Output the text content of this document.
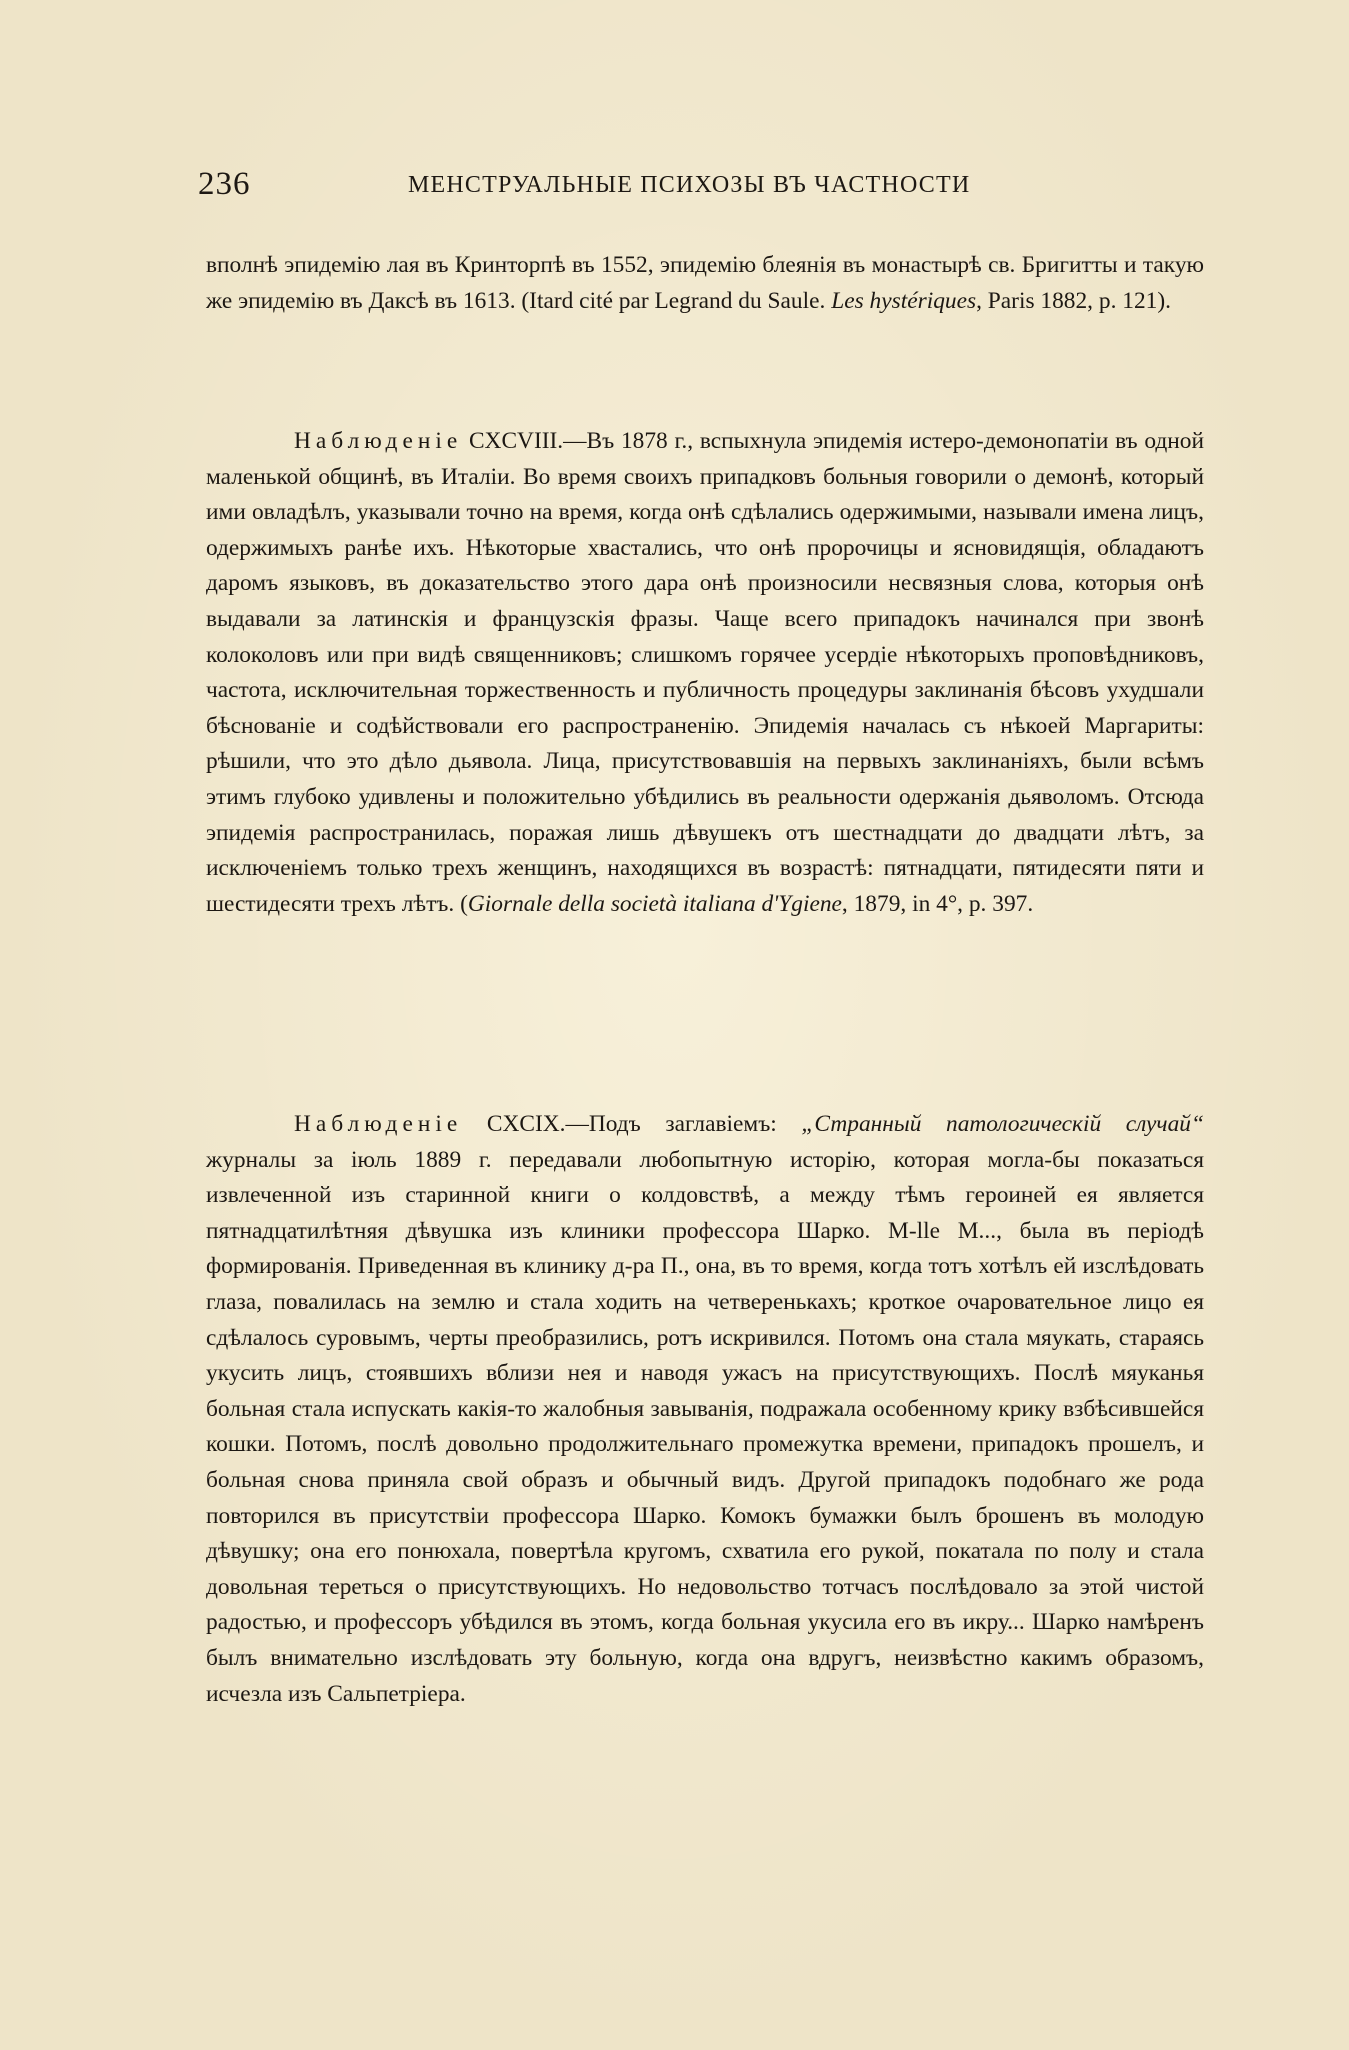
236	МЕНСТРУАЛЬНЫЕ ПСИХОЗЫ ВЪ ЧАСТНОСТИ

вполнѣ эпидемію лая въ Кринторпѣ въ 1552, эпидемію блеянія въ монастырѣ св. Бригитты и такую же эпидемію въ Даксѣ въ 1613. (Itard cité par Legrand du Saule. Les hystériques, Paris 1882, p. 121).

Наблюденіе CXCVIII.—Въ 1878 г., вспыхнула эпидемія истеро-демонопатіи въ одной маленькой общинѣ, въ Италіи. Во время своихъ припадковъ больныя говорили о демонѣ, который ими овладѣлъ, указывали точно на время, когда онѣ сдѣлались одержимыми, называли имена лицъ, одержимыхъ ранѣе ихъ. Нѣкоторые хвастались, что онѣ пророчицы и ясновидящія, обладаютъ даромъ языковъ, въ доказательство этого дара онѣ произносили несвязныя слова, которыя онѣ выдавали за латинскія и французскія фразы. Чаще всего припадокъ начинался при звонѣ колоколовъ или при видѣ священниковъ; слишкомъ горячее усердіе нѣкоторыхъ проповѣдниковъ, частота, исключительная торжественность и публичность процедуры заклинанія бѣсовъ ухудшали бѣснованіе и содѣйствовали его распространенію. Эпидемія началась съ нѣкоей Маргариты: рѣшили, что это дѣло дьявола. Лица, присутствовавшія на первыхъ заклинаніяхъ, были всѣмъ этимъ глубоко удивлены и положительно убѣдились въ реальности одержанія дьяволомъ. Отсюда эпидемія распространилась, поражая лишь дѣвушекъ отъ шестнадцати до двадцати лѣтъ, за исключеніемъ только трехъ женщинъ, находящихся въ возрастѣ: пятнадцати, пятидесяти пяти и шестидесяти трехъ лѣтъ. (Giornale della società italiana d'Ygiene, 1879, in 4°, p. 397.

Наблюденіе CXCIX.—Подъ заглавіемъ: „Странный патологическій случай“ журналы за іюль 1889 г. передавали любопытную исторію, которая могла-бы показаться извлеченной изъ старинной книги о колдовствѣ, а между тѣмъ героиней ея является пятнадцатилѣтняя дѣвушка изъ клиники профессора Шарко. M-lle M..., была въ періодѣ формированія. Приведенная въ клинику д-ра П., она, въ то время, когда тотъ хотѣлъ ей изслѣдовать глаза, повалилась на землю и стала ходить на четверенькахъ; кроткое очаровательное лицо ея сдѣлалось суровымъ, черты преобразились, ротъ искривился. Потомъ она стала мяукать, стараясь укусить лицъ, стоявшихъ вблизи нея и наводя ужасъ на присутствующихъ. Послѣ мяуканья больная стала испускать какія-то жалобныя завыванія, подражала особенному крику взбѣсившейся кошки. Потомъ, послѣ довольно продолжительнаго промежутка времени, припадокъ прошелъ, и больная снова приняла свой образъ и обычный видъ. Другой припадокъ подобнаго же рода повторился въ присутствіи профессора Шарко. Комокъ бумажки былъ брошенъ въ молодую дѣвушку; она его понюхала, повертѣла кругомъ, схватила его рукой, покатала по полу и стала довольная тереться о присутствующихъ. Но недовольство тотчасъ послѣдовало за этой чистой радостью, и профессоръ убѣдился въ этомъ, когда больная укусила его въ икру... Шарко намѣренъ былъ внимательно изслѣдовать эту больную, когда она вдругъ, неизвѣстно какимъ образомъ, исчезла изъ Сальпетріера.
